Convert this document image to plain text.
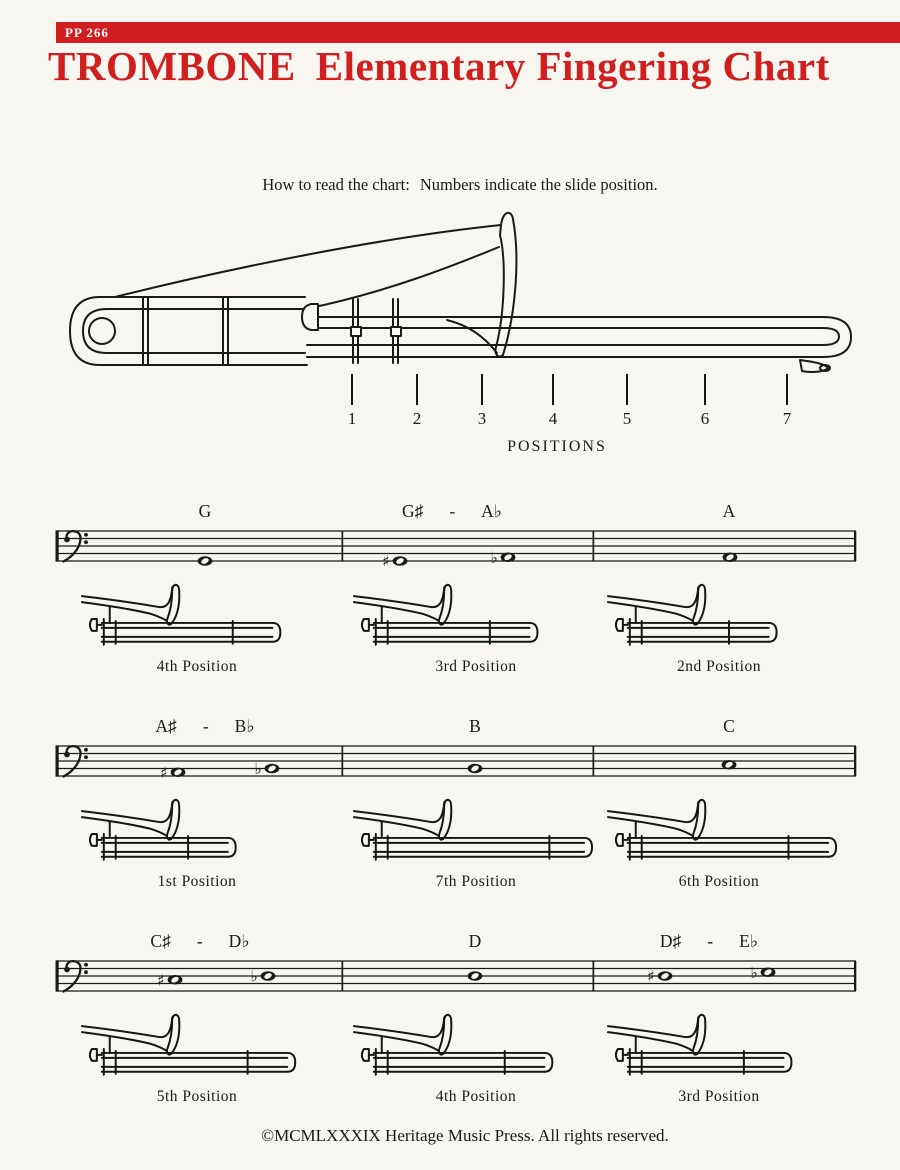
PP 266
TROMBONE Elementary Fingering Chart
How to read the chart: Numbers indicate the slide position.
1	2	3	4	5	6	7
POSITIONS
G	G♯ - A♭	A
♯	♭
4th Position	3rd Position	2nd Position
A♯ - B♭	B	C
♯	♭
1st Position	7th Position	6th Position
C♯ - D♭	D	D♯ - E♭
♯	♭	♯	♭
5th Position	4th Position	3rd Position
©MCMLXXXIX Heritage Music Press. All rights reserved.
